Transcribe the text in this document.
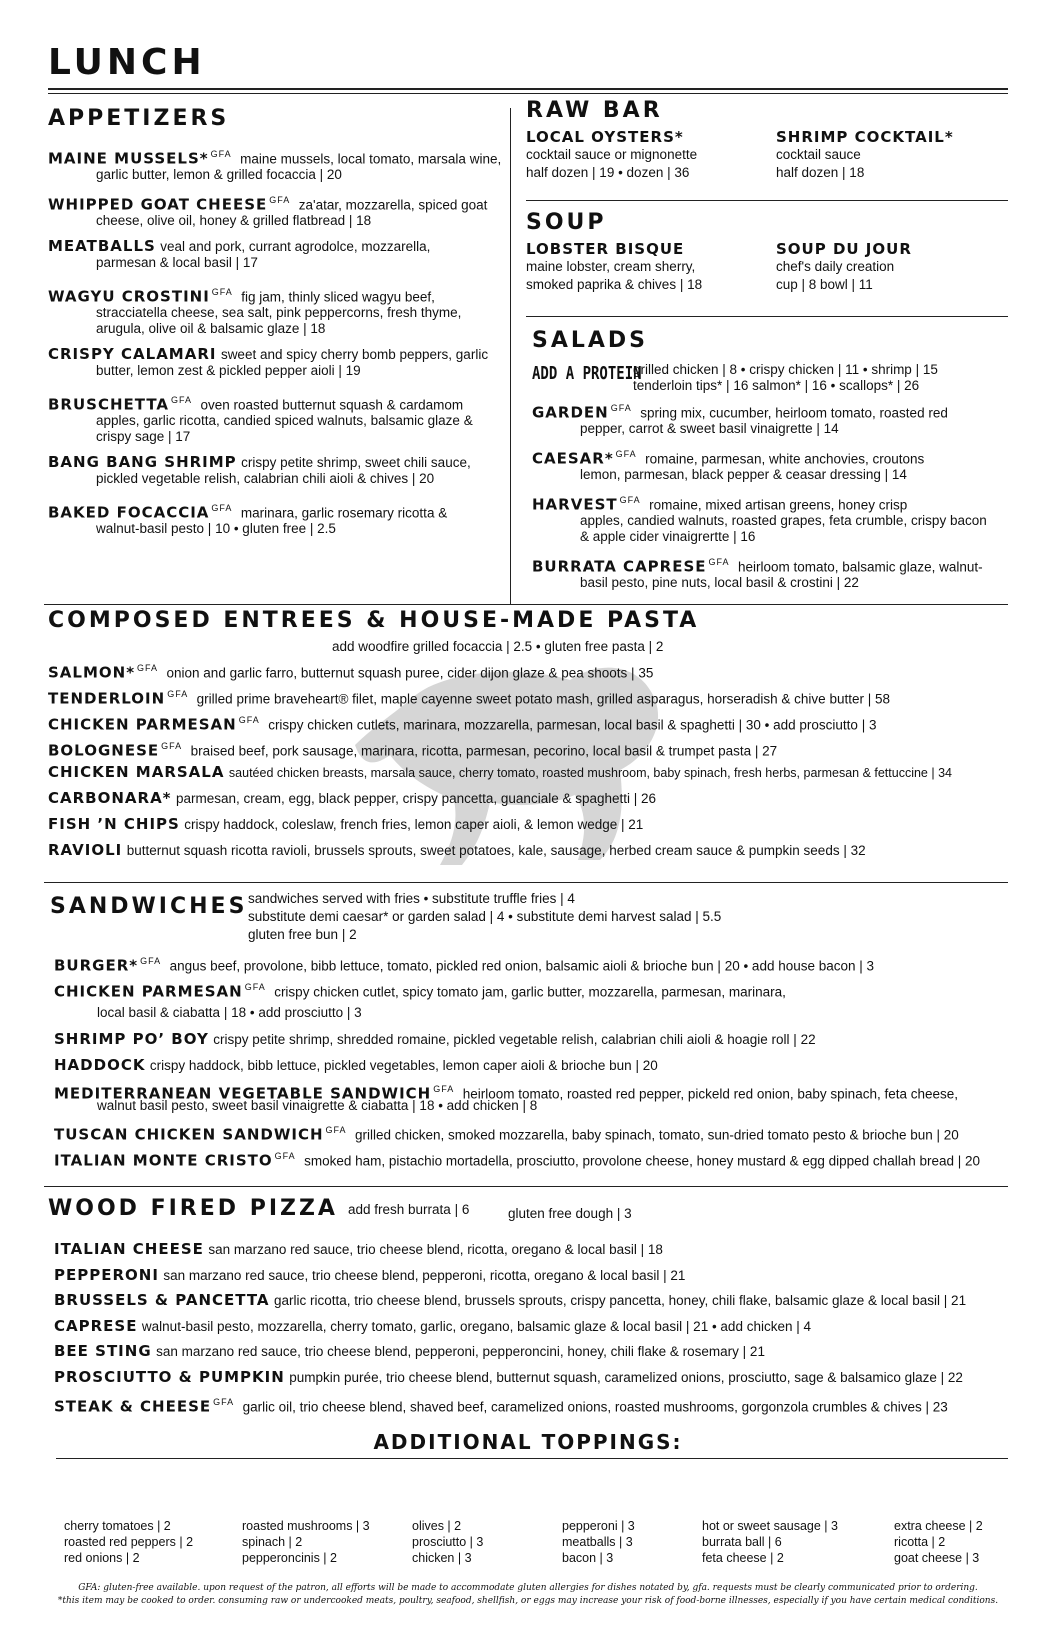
LUNCH
APPETIZERS
MAINE MUSSELS* $^{GFA}$ maine mussels, local tomato, marsala wine,
garlic butter, lemon & grilled focaccia | 20
WHIPPED GOAT CHEESE $^{GFA}$ za'atar, mozzarella, spiced goat
cheese, olive oil, honey & grilled flatbread | 18
MEATBALLS veal and pork, currant agrodolce, mozzarella,
parmesan & local basil | 17
WAGYU CROSTINI $^{GFA}$ fig jam, thinly sliced wagyu beef,
stracciatella cheese, sea salt, pink peppercorns, fresh thyme,
arugula, olive oil & balsamic glaze | 18
CRISPY CALAMARI sweet and spicy cherry bomb peppers, garlic
butter, lemon zest & pickled pepper aioli | 19
BRUSCHETTA $^{GFA}$ oven roasted butternut squash & cardamom
apples, garlic ricotta, candied spiced walnuts, balsamic glaze &
crispy sage | 17
BANG BANG SHRIMP crispy petite shrimp, sweet chili sauce,
pickled vegetable relish, calabrian chili aioli & chives | 20
BAKED FOCACCIA $^{GFA}$ marinara, garlic rosemary ricotta &
walnut-basil pesto | 10 • gluten free | 2.5
RAW BAR
LOCAL OYSTERS*
cocktail sauce or mignonette
half dozen | 19 • dozen | 36
SHRIMP COCKTAIL*
cocktail sauce
half dozen | 18
SOUP
LOBSTER BISQUE
maine lobster, cream sherry,
smoked paprika & chives | 18
SOUP DU JOUR
chef's daily creation
cup | 8 bowl | 11
SALADS
ADD A PROTEIN
grilled chicken | 8 • crispy chicken | 11 • shrimp | 15
tenderloin tips* | 16 salmon* | 16 • scallops* | 26
GARDEN $^{GFA}$ spring mix, cucumber, heirloom tomato, roasted red
pepper, carrot & sweet basil vinaigrette | 14
CAESAR* $^{GFA}$ romaine, parmesan, white anchovies, croutons
lemon, parmesan, black pepper & ceasar dressing | 14
HARVEST $^{GFA}$ romaine, mixed artisan greens, honey crisp
apples, candied walnuts, roasted grapes, feta crumble, crispy bacon
& apple cider vinaigrertte | 16
BURRATA CAPRESE $^{GFA}$ heirloom tomato, balsamic glaze, walnut-
basil pesto, pine nuts, local basil & crostini | 22
COMPOSED ENTREES & HOUSE-MADE PASTA
add woodfire grilled focaccia | 2.5 • gluten free pasta | 2
SALMON* $^{GFA}$ onion and garlic farro, butternut squash puree, cider dijon glaze & pea shoots | 35
TENDERLOIN $^{GFA}$ grilled prime braveheart® filet, maple cayenne sweet potato mash, grilled asparagus, horseradish & chive butter | 58
CHICKEN PARMESAN $^{GFA}$ crispy chicken cutlets, marinara, mozzarella, parmesan, local basil & spaghetti | 30 • add prosciutto | 3
BOLOGNESE $^{GFA}$ braised beef, pork sausage, marinara, ricotta, parmesan, pecorino, local basil & trumpet pasta | 27
CHICKEN MARSALA sautéed chicken breasts, marsala sauce, cherry tomato, roasted mushroom, baby spinach, fresh herbs, parmesan & fettuccine | 34
CARBONARA* parmesan, cream, egg, black pepper, crispy pancetta, guanciale & spaghetti | 26
FISH ’N CHIPS crispy haddock, coleslaw, french fries, lemon caper aioli, & lemon wedge | 21
RAVIOLI butternut squash ricotta ravioli, brussels sprouts, sweet potatoes, kale, sausage, herbed cream sauce & pumpkin seeds | 32
SANDWICHES sandwiches served with fries • substitute truffle fries | 4
substitute demi caesar* or garden salad | 4 • substitute demi harvest salad | 5.5
gluten free bun | 2
BURGER* $^{GFA}$ angus beef, provolone, bibb lettuce, tomato, pickled red onion, balsamic aioli & brioche bun | 20 • add house bacon | 3
CHICKEN PARMESAN $^{GFA}$ crispy chicken cutlet, spicy tomato jam, garlic butter, mozzarella, parmesan, marinara,
local basil & ciabatta | 18 • add prosciutto | 3
SHRIMP PO’ BOY crispy petite shrimp, shredded romaine, pickled vegetable relish, calabrian chili aioli & hoagie roll | 22
HADDOCK crispy haddock, bibb lettuce, pickled vegetables, lemon caper aioli & brioche bun | 20
MEDITERRANEAN VEGETABLE SANDWICH $^{GFA}$ heirloom tomato, roasted red pepper, pickeld red onion, baby spinach, feta cheese,
walnut basil pesto, sweet basil vinaigrette & ciabatta | 18 • add chicken | 8
TUSCAN CHICKEN SANDWICH $^{GFA}$ grilled chicken, smoked mozzarella, baby spinach, tomato, sun-dried tomato pesto & brioche bun | 20
ITALIAN MONTE CRISTO $^{GFA}$ smoked ham, pistachio mortadella, prosciutto, provolone cheese, honey mustard & egg dipped challah bread | 20
WOOD FIRED PIZZA add fresh burrata | 6	gluten free dough | 3
ITALIAN CHEESE san marzano red sauce, trio cheese blend, ricotta, oregano & local basil | 18
PEPPERONI san marzano red sauce, trio cheese blend, pepperoni, ricotta, oregano & local basil | 21
BRUSSELS & PANCETTA garlic ricotta, trio cheese blend, brussels sprouts, crispy pancetta, honey, chili flake, balsamic glaze & local basil | 21
CAPRESE walnut-basil pesto, mozzarella, cherry tomato, garlic, oregano, balsamic glaze & local basil | 21 • add chicken | 4
BEE STING san marzano red sauce, trio cheese blend, pepperoni, pepperoncini, honey, chili flake & rosemary | 21
PROSCIUTTO & PUMPKIN pumpkin purée, trio cheese blend, butternut squash, caramelized onions, prosciutto, sage & balsamico glaze | 22
STEAK & CHEESE $^{GFA}$ garlic oil, trio cheese blend, shaved beef, caramelized onions, roasted mushrooms, gorgonzola crumbles & chives | 23
ADDITIONAL TOPPINGS:
cherry tomatoes | 2
roasted red peppers | 2
red onions | 2
roasted mushrooms | 3
spinach | 2
pepperoncinis | 2
olives | 2
prosciutto | 3
chicken | 3
pepperoni | 3
meatballs | 3
bacon | 3
hot or sweet sausage | 3
burrata ball | 6
feta cheese | 2
extra cheese | 2
ricotta | 2
goat cheese | 3
GFA: gluten-free available. upon request of the patron, all efforts will be made to accommodate gluten allergies for dishes notated by, gfa. requests must be clearly communicated prior to ordering.
*this item may be cooked to order. consuming raw or undercooked meats, poultry, seafood, shellfish, or eggs may increase your risk of food-borne illnesses, especially if you have certain medical conditions.
